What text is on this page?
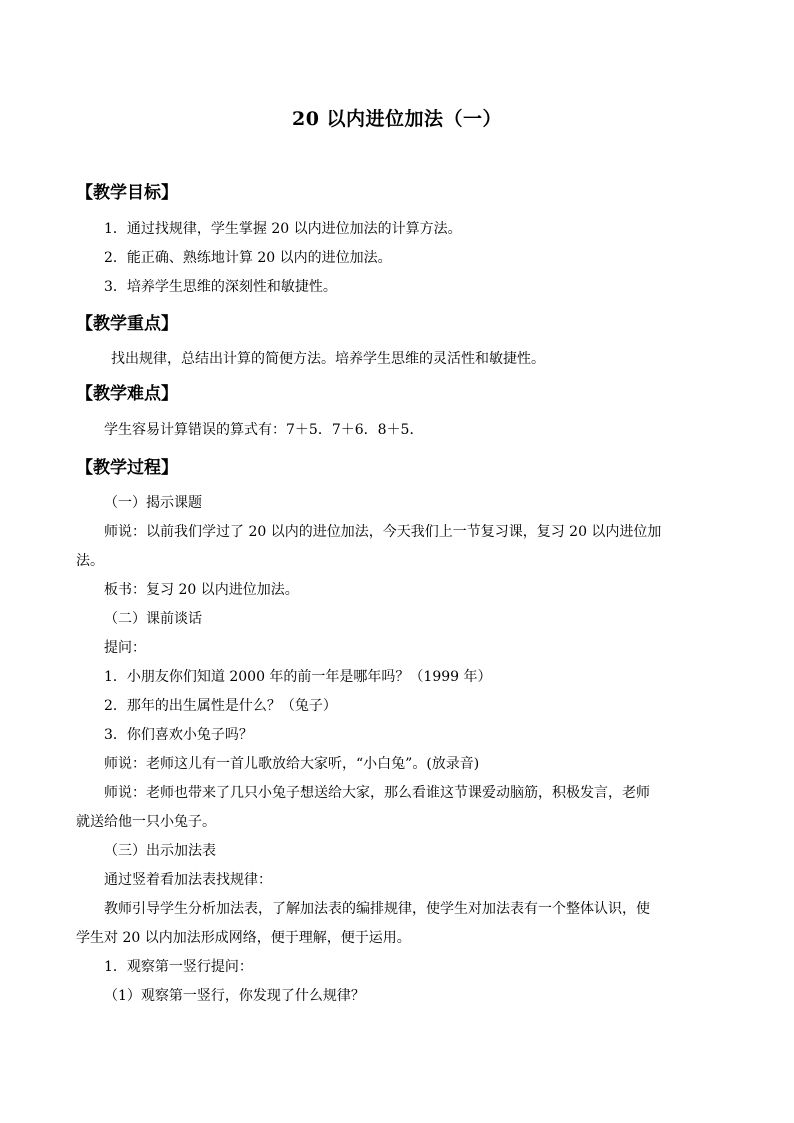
20 以内进位加法（一）
【教学目标】
1．通过找规律，学生掌握 20 以内进位加法的计算方法。
2．能正确、熟练地计算 20 以内的进位加法。
3．培养学生思维的深刻性和敏捷性。
【教学重点】
找出规律，总结出计算的简便方法。培养学生思维的灵活性和敏捷性。
【教学难点】
学生容易计算错误的算式有：7＋5．7＋6．8＋5．
【教学过程】
（一）揭示课题
师说：以前我们学过了 20 以内的进位加法，今天我们上一节复习课，复习 20 以内进位加
法。
板书：复习 20 以内进位加法。
（二）课前谈话
提问：
1．小朋友你们知道 2000 年的前一年是哪年吗？（1999 年）
2．那年的出生属性是什么？（兔子）
3．你们喜欢小兔子吗？
师说：老师这儿有一首儿歌放给大家听，“小白兔”。(放录音)
师说：老师也带来了几只小兔子想送给大家，那么看谁这节课爱动脑筋，积极发言，老师
就送给他一只小兔子。
（三）出示加法表
通过竖着看加法表找规律：
教师引导学生分析加法表，了解加法表的编排规律，使学生对加法表有一个整体认识，使
学生对 20 以内加法形成网络，便于理解，便于运用。
1．观察第一竖行提问：
（1）观察第一竖行，你发现了什么规律？
